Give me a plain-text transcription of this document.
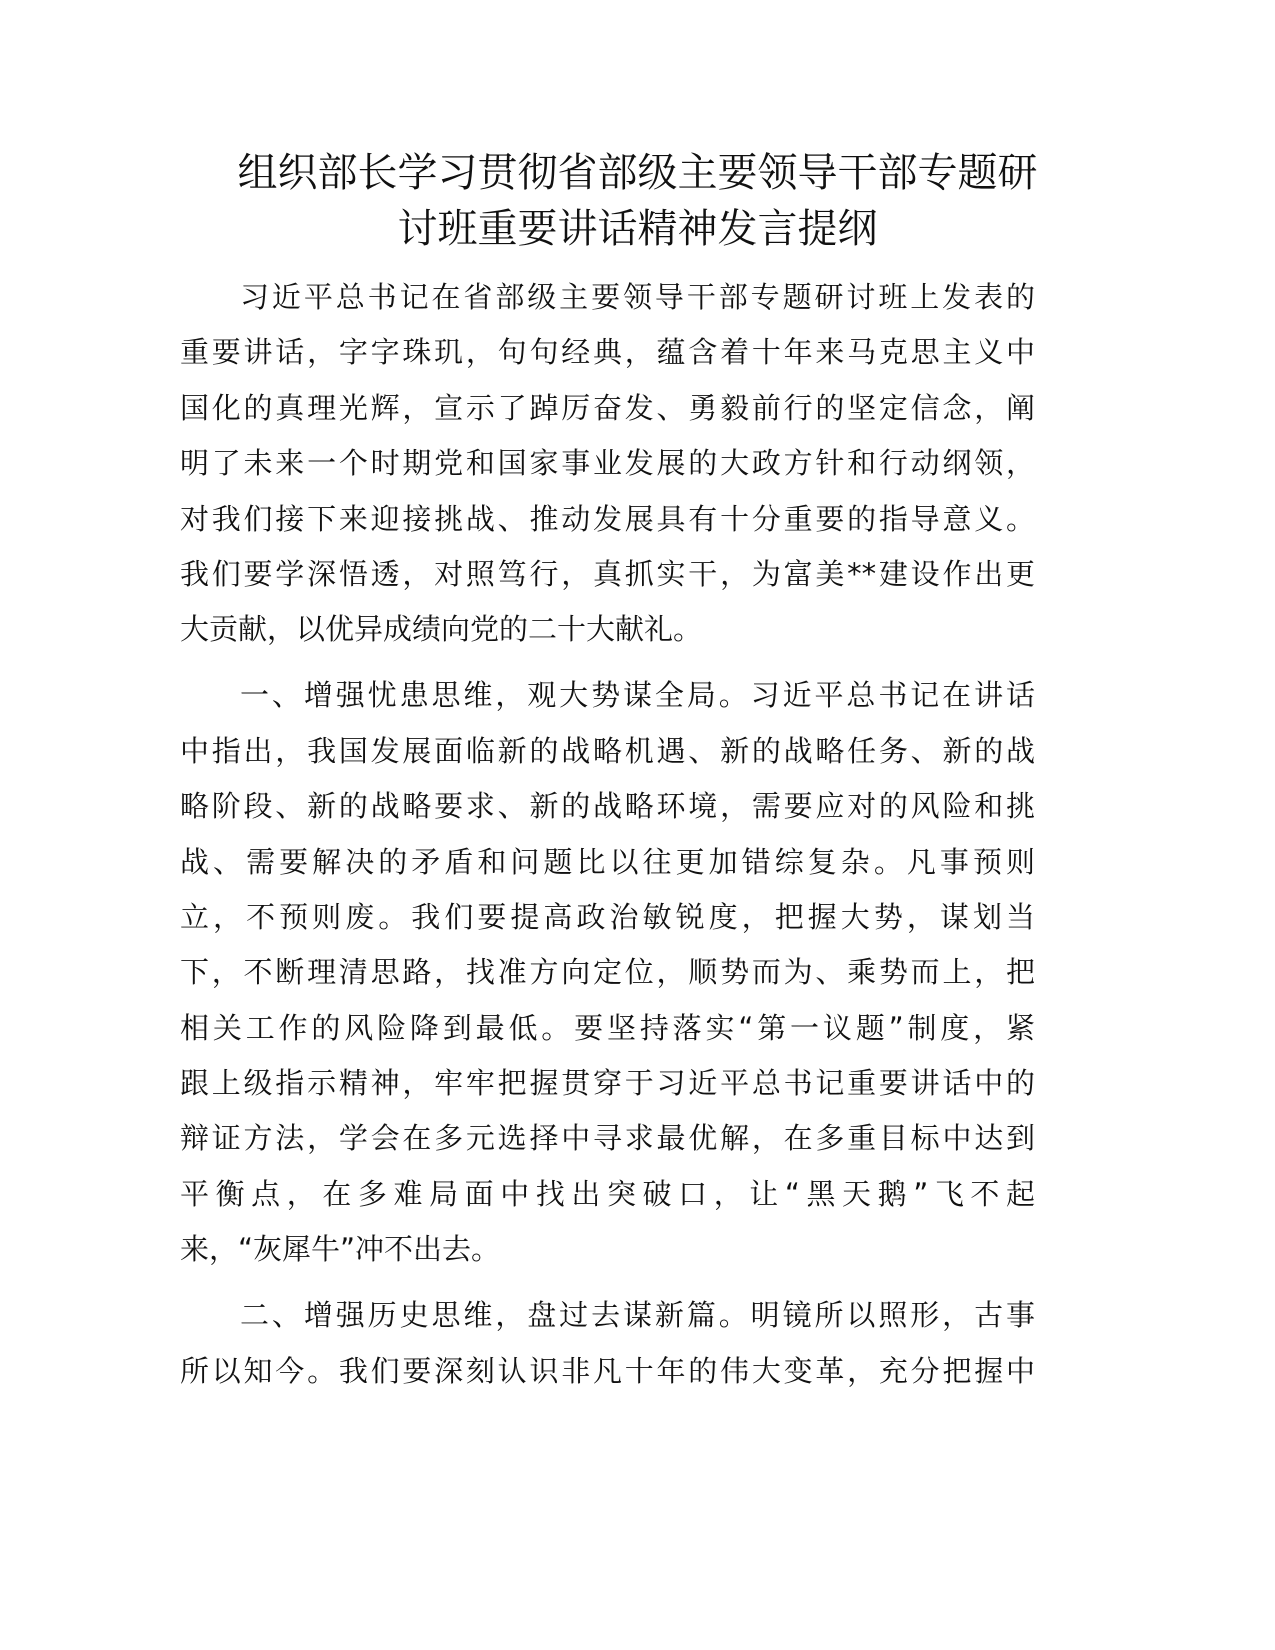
组织部长学习贯彻省部级主要领导干部专题研
讨班重要讲话精神发言提纲
习近平总书记在省部级主要领导干部专题研讨班上发表的
重要讲话，字字珠玑，句句经典，蕴含着十年来马克思主义中
国化的真理光辉，宣示了踔厉奋发、勇毅前行的坚定信念，阐
明了未来一个时期党和国家事业发展的大政方针和行动纲领，
对我们接下来迎接挑战、推动发展具有十分重要的指导意义。
我们要学深悟透，对照笃行，真抓实干，为富美**建设作出更
大贡献，以优异成绩向党的二十大献礼。
一、增强忧患思维，观大势谋全局。习近平总书记在讲话
中指出，我国发展面临新的战略机遇、新的战略任务、新的战
略阶段、新的战略要求、新的战略环境，需要应对的风险和挑
战、需要解决的矛盾和问题比以往更加错综复杂。凡事预则
立，不预则废。我们要提高政治敏锐度，把握大势，谋划当
下，不断理清思路，找准方向定位，顺势而为、乘势而上，把
相关工作的风险降到最低。要坚持落实“第一议题”制度，紧
跟上级指示精神，牢牢把握贯穿于习近平总书记重要讲话中的
辩证方法，学会在多元选择中寻求最优解，在多重目标中达到
平衡点，在多难局面中找出突破口，让“黑天鹅”飞不起
来，“灰犀牛”冲不出去。
二、增强历史思维，盘过去谋新篇。明镜所以照形，古事
所以知今。我们要深刻认识非凡十年的伟大变革，充分把握中
